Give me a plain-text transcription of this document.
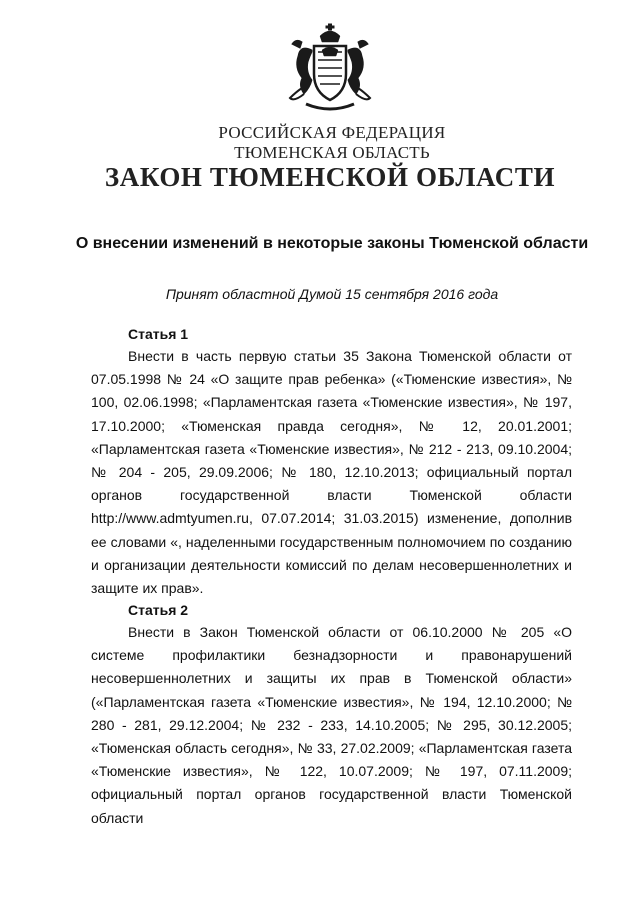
РОССИЙСКАЯ ФЕДЕРАЦИЯ
ТЮМЕНСКАЯ ОБЛАСТЬ
ЗАКОН ТЮМЕНСКОЙ ОБЛАСТИ
О внесении изменений в некоторые законы Тюменской области
Принят областной Думой 15 сентября 2016 года
Статья 1

Внести в часть первую статьи 35 Закона Тюменской области от 07.05.1998 № 24 «О защите прав ребенка» («Тюменские известия», № 100, 02.06.1998; «Парламентская газета «Тюменские известия», № 197, 17.10.2000; «Тюменская правда сегодня», № 12, 20.01.2001; «Парламентская газета «Тюменские известия», № 212 - 213, 09.10.2004; № 204 - 205, 29.09.2006; № 180, 12.10.2013; официальный портал органов государственной власти Тюменской области http://www.admtyumen.ru, 07.07.2014; 31.03.2015) изменение, дополнив ее словами «, наделенными государственным полномочием по созданию и организации деятельности комиссий по делам несовершеннолетних и защите их прав».

Статья 2

Внести в Закон Тюменской области от 06.10.2000 № 205 «О системе профилактики безнадзорности и правонарушений несовершеннолетних и защиты их прав в Тюменской области» («Парламентская газета «Тюменские известия», № 194, 12.10.2000; № 280 - 281, 29.12.2004; № 232 - 233, 14.10.2005; № 295, 30.12.2005; «Тюменская область сегодня», № 33, 27.02.2009; «Парламентская газета «Тюменские известия», № 122, 10.07.2009; № 197, 07.11.2009; официальный портал органов государственной власти Тюменской области
